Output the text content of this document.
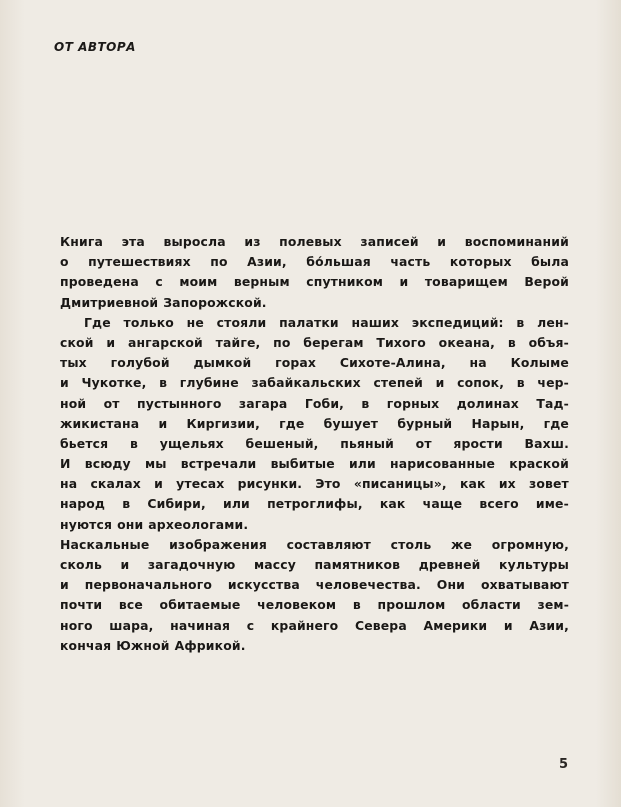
ОТ АВТОРА
Книга эта выросла из полевых записей и воспоминаний
о путешествиях по Азии, бо́льшая часть которых была
проведена с моим верным спутником и товарищем Верой
Дмитриевной Запорожской.
Где только не стояли палатки наших экспедиций: в лен-
ской и ангарской тайге, по берегам Тихого океана, в объя-
тых голубой дымкой горах Сихоте-Алина, на Колыме
и Чукотке, в глубине забайкальских степей и сопок, в чер-
ной от пустынного загара Гоби, в горных долинах Тад-
жикистана и Киргизии, где бушует бурный Нарын, где
бьется в ущельях бешеный, пьяный от ярости Вахш.
И всюду мы встречали выбитые или нарисованные краской
на скалах и утесах рисунки. Это «писаницы», как их зовет
народ в Сибири, или петроглифы, как чаще всего име-
нуются они археологами.
Наскальные изображения составляют столь же огромную,
сколь и загадочную массу памятников древней культуры
и первоначального искусства человечества. Они охватывают
почти все обитаемые человеком в прошлом области зем-
ного шара, начиная с крайнего Севера Америки и Азии,
кончая Южной Африкой.
5
